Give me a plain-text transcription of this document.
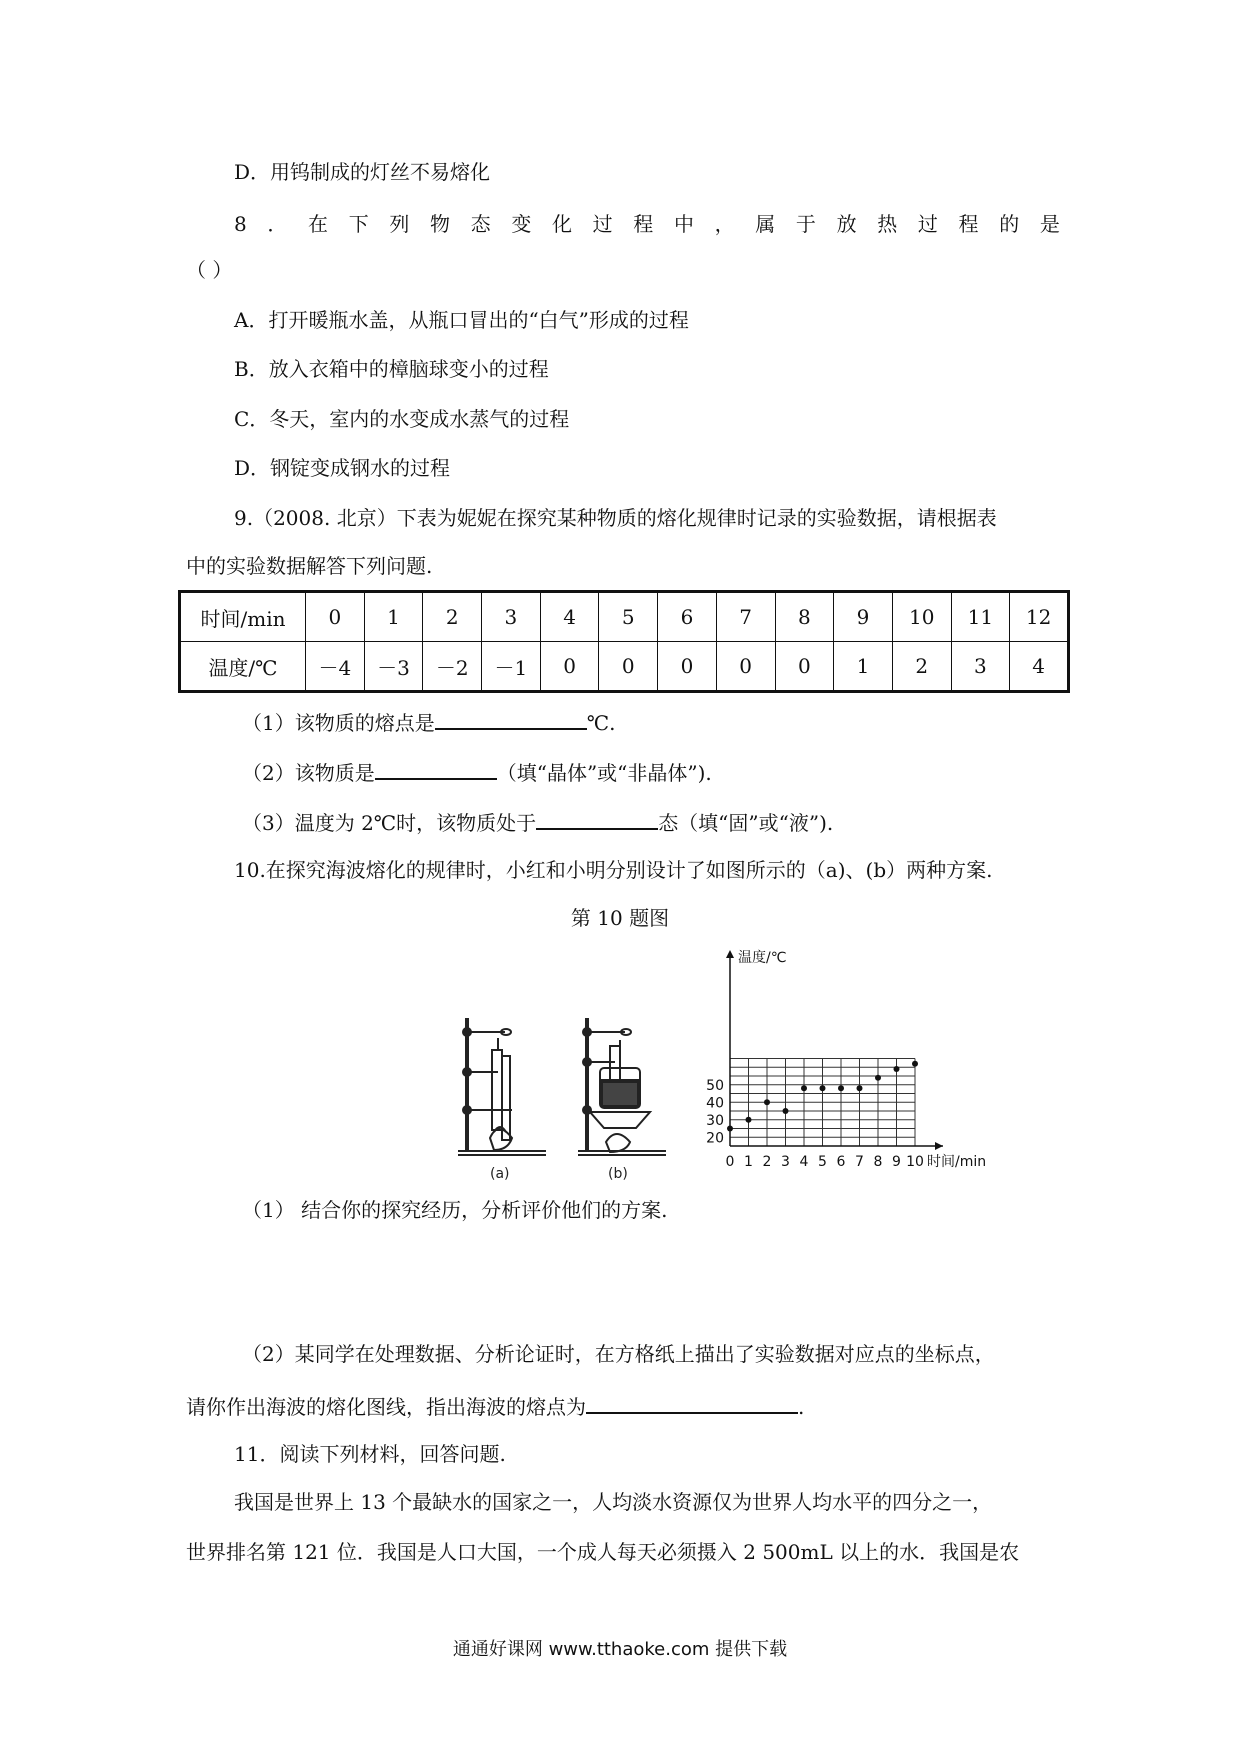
D．用钨制成的灯丝不易熔化
8 ． 在 下 列 物 态 变 化 过 程 中 ， 属 于 放 热 过 程 的 是
（ ）
A．打开暖瓶水盖，从瓶口冒出的“白气”形成的过程
B．放入衣箱中的樟脑球变小的过程
C．冬天，室内的水变成水蒸气的过程
D．钢锭变成钢水的过程
9.（2008. 北京）下表为妮妮在探究某种物质的熔化规律时记录的实验数据，请根据表
中的实验数据解答下列问题.
时间/min	0	1	2	3	4	5	6	7	8	9	10	11	12
温度/℃	－4	－3	－2	－1	0	0	0	0	0	1	2	3	4
（1）该物质的熔点是	℃.
（2）该物质是	（填“晶体”或“非晶体”).
（3）温度为 2℃时，该物质处于	态（填“固”或“液”).
10.在探究海波熔化的规律时，小红和小明分别设计了如图所示的（a)、(b）两种方案.
第 10 题图
(a)	(b)
温度/℃
0 1 2 3 4 5 6 7 8 9 10 时间/min
20
30
40
50
（1） 结合你的探究经历，分析评价他们的方案.
（2）某同学在处理数据、分析论证时，在方格纸上描出了实验数据对应点的坐标点，
请你作出海波的熔化图线，指出海波的熔点为	.
11．阅读下列材料，回答问题.
我国是世界上 13 个最缺水的国家之一，人均淡水资源仅为世界人均水平的四分之一，
世界排名第 121 位．我国是人口大国，一个成人每天必须摄入 2 500mL 以上的水．我国是农
通通好课网 www.tthaoke.com 提供下载
